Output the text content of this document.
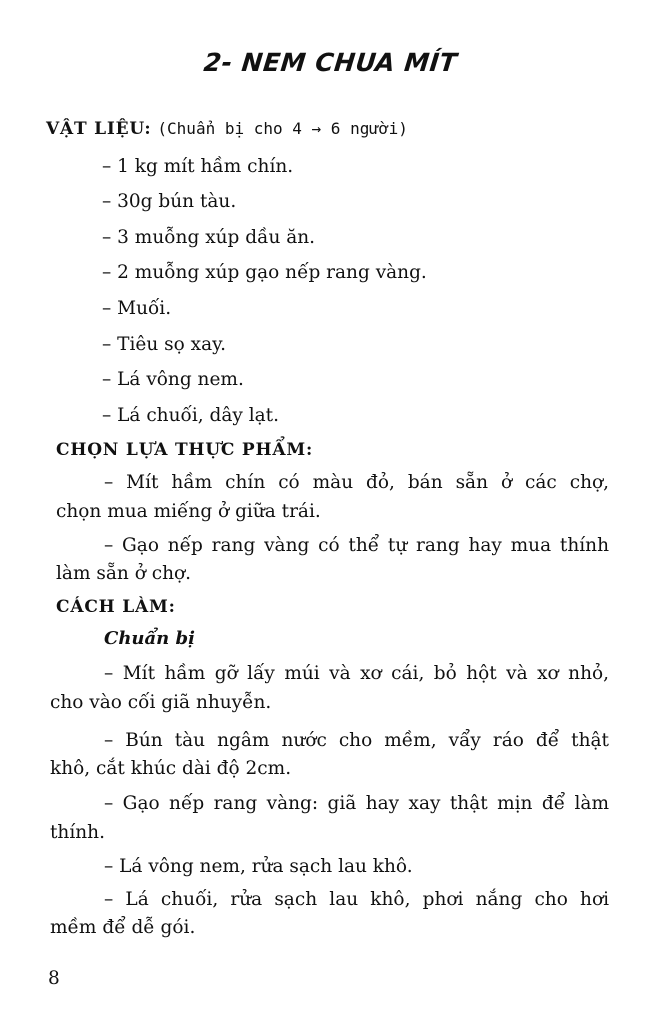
2- NEM CHUA MÍT
VẬT LIỆU: (Chuẩn bị cho 4 → 6 người)
– 1 kg mít hầm chín.
– 30g bún tàu.
– 3 muỗng xúp dầu ăn.
– 2 muỗng xúp gạo nếp rang vàng.
– Muối.
– Tiêu sọ xay.
– Lá vông nem.
– Lá chuối, dây lạt.
CHỌN LỰA THỰC PHẨM:
– Mít hầm chín có màu đỏ, bán sẵn ở các chợ,
chọn mua miếng ở giữa trái.
– Gạo nếp rang vàng có thể tự rang hay mua thính
làm sẵn ở chợ.
CÁCH LÀM:
Chuẩn bị
– Mít hầm gỡ lấy múi và xơ cái, bỏ hột và xơ nhỏ,
cho vào cối giã nhuyễn.
– Bún tàu ngâm nước cho mềm, vẩy ráo để thật
khô, cắt khúc dài độ 2cm.
– Gạo nếp rang vàng: giã hay xay thật mịn để làm
thính.
– Lá vông nem, rửa sạch lau khô.
– Lá chuối, rửa sạch lau khô, phơi nắng cho hơi
mềm để dễ gói.
8
